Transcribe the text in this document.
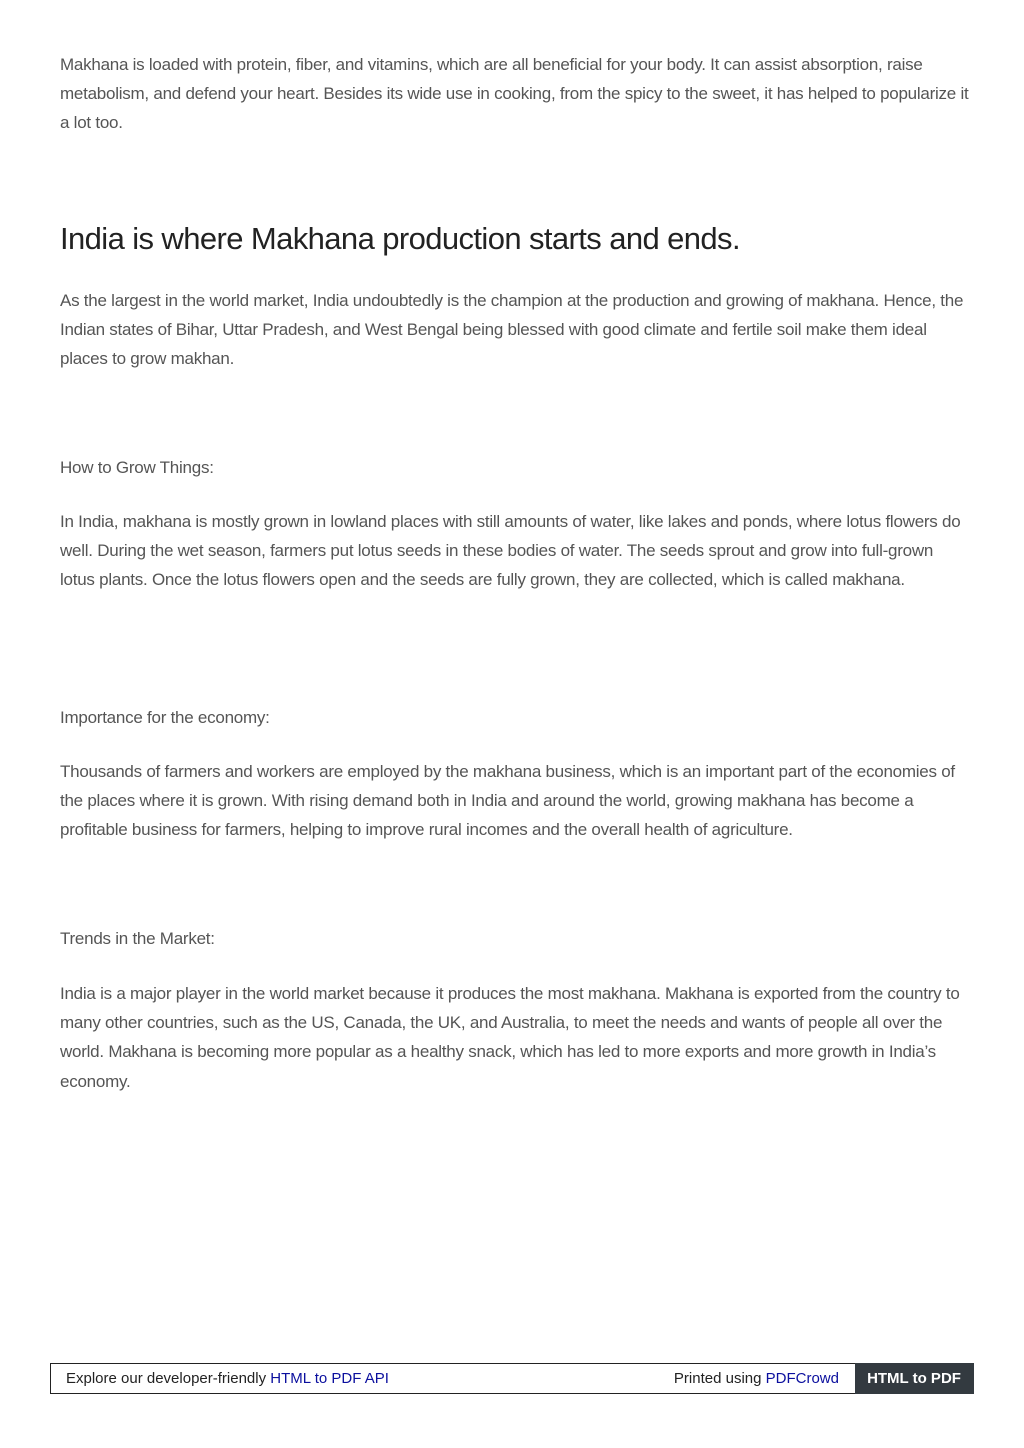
Makhana is loaded with protein, fiber, and vitamins, which are all beneficial for your body. It can assist absorption, raise metabolism, and defend your heart. Besides its wide use in cooking, from the spicy to the sweet, it has helped to popularize it a lot too.

India is where Makhana production starts and ends.

As the largest in the world market, India undoubtedly is the champion at the production and growing of makhana. Hence, the Indian states of Bihar, Uttar Pradesh, and West Bengal being blessed with good climate and fertile soil make them ideal places to grow makhan.

How to Grow Things:

In India, makhana is mostly grown in lowland places with still amounts of water, like lakes and ponds, where lotus flowers do well. During the wet season, farmers put lotus seeds in these bodies of water. The seeds sprout and grow into full-grown lotus plants. Once the lotus flowers open and the seeds are fully grown, they are collected, which is called makhana.

Importance for the economy:

Thousands of farmers and workers are employed by the makhana business, which is an important part of the economies of the places where it is grown. With rising demand both in India and around the world, growing makhana has become a profitable business for farmers, helping to improve rural incomes and the overall health of agriculture.

Trends in the Market:

India is a major player in the world market because it produces the most makhana. Makhana is exported from the country to many other countries, such as the US, Canada, the UK, and Australia, to meet the needs and wants of people all over the world. Makhana is becoming more popular as a healthy snack, which has led to more exports and more growth in India’s economy.

Explore our developer-friendly HTML to PDF API	Printed using PDFCrowd	HTML to PDF
